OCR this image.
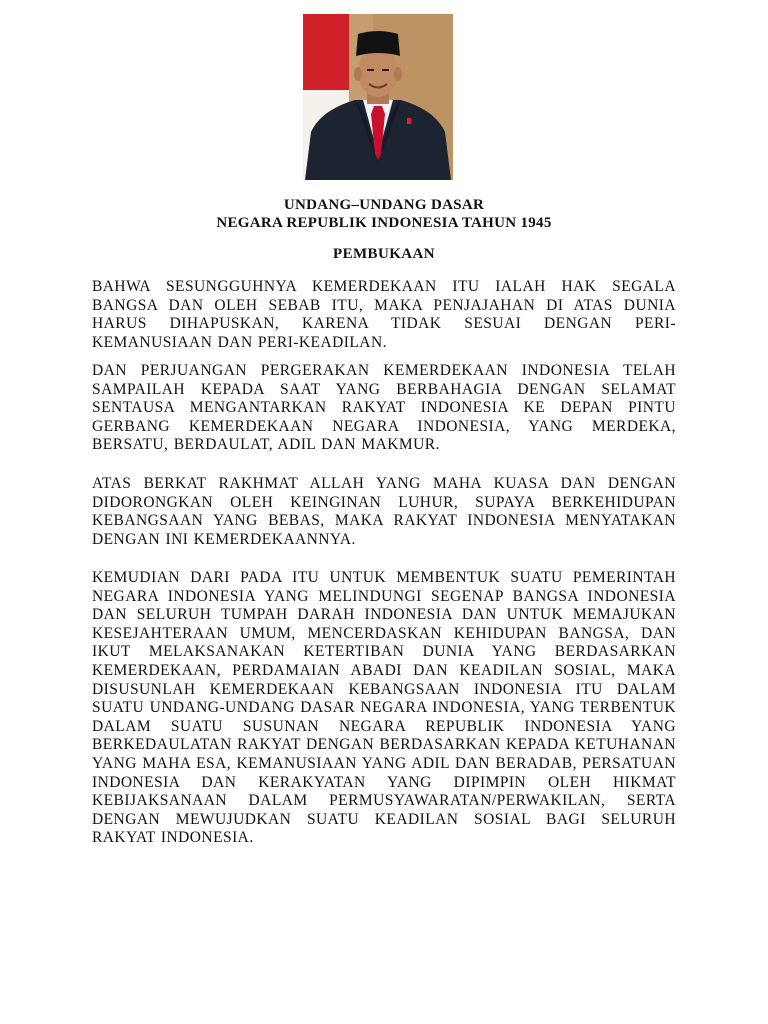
UNDANG–UNDANG DASAR
NEGARA REPUBLIK INDONESIA TAHUN 1945
PEMBUKAAN

BAHWA SESUNGGUHNYA KEMERDEKAAN ITU IALAH HAK SEGALA BANGSA DAN OLEH SEBAB ITU, MAKA PENJAJAHAN DI ATAS DUNIA HARUS DIHAPUSKAN, KARENA TIDAK SESUAI DENGAN PERI-KEMANUSIAAN DAN PERI-KEADILAN.

DAN PERJUANGAN PERGERAKAN KEMERDEKAAN INDONESIA TELAH SAMPAILAH KEPADA SAAT YANG BERBAHAGIA DENGAN SELAMAT SENTAUSA MENGANTARKAN RAKYAT INDONESIA KE DEPAN PINTU GERBANG KEMERDEKAAN NEGARA INDONESIA, YANG MERDEKA, BERSATU, BERDAULAT, ADIL DAN MAKMUR.

ATAS BERKAT RAKHMAT ALLAH YANG MAHA KUASA DAN DENGAN DIDORONGKAN OLEH KEINGINAN LUHUR, SUPAYA BERKEHIDUPAN KEBANGSAAN YANG BEBAS, MAKA RAKYAT INDONESIA MENYATAKAN DENGAN INI KEMERDEKAANNYA.

KEMUDIAN DARI PADA ITU UNTUK MEMBENTUK SUATU PEMERINTAH NEGARA INDONESIA YANG MELINDUNGI SEGENAP BANGSA INDONESIA DAN SELURUH TUMPAH DARAH INDONESIA DAN UNTUK MEMAJUKAN KESEJAHTERAAN UMUM, MENCERDASKAN KEHIDUPAN BANGSA, DAN IKUT MELAKSANAKAN KETERTIBAN DUNIA YANG BERDASARKAN KEMERDEKAAN, PERDAMAIAN ABADI DAN KEADILAN SOSIAL, MAKA DISUSUNLAH KEMERDEKAAN KEBANGSAAN INDONESIA ITU DALAM SUATU UNDANG-UNDANG DASAR NEGARA INDONESIA, YANG TERBENTUK DALAM SUATU SUSUNAN NEGARA REPUBLIK INDONESIA YANG BERKEDAULATAN RAKYAT DENGAN BERDASARKAN KEPADA KETUHANAN YANG MAHA ESA, KEMANUSIAAN YANG ADIL DAN BERADAB, PERSATUAN INDONESIA DAN KERAKYATAN YANG DIPIMPIN OLEH HIKMAT KEBIJAKSANAAN DALAM PERMUSYAWARATAN/PERWAKILAN, SERTA DENGAN MEWUJUDKAN SUATU KEADILAN SOSIAL BAGI SELURUH RAKYAT INDONESIA.
